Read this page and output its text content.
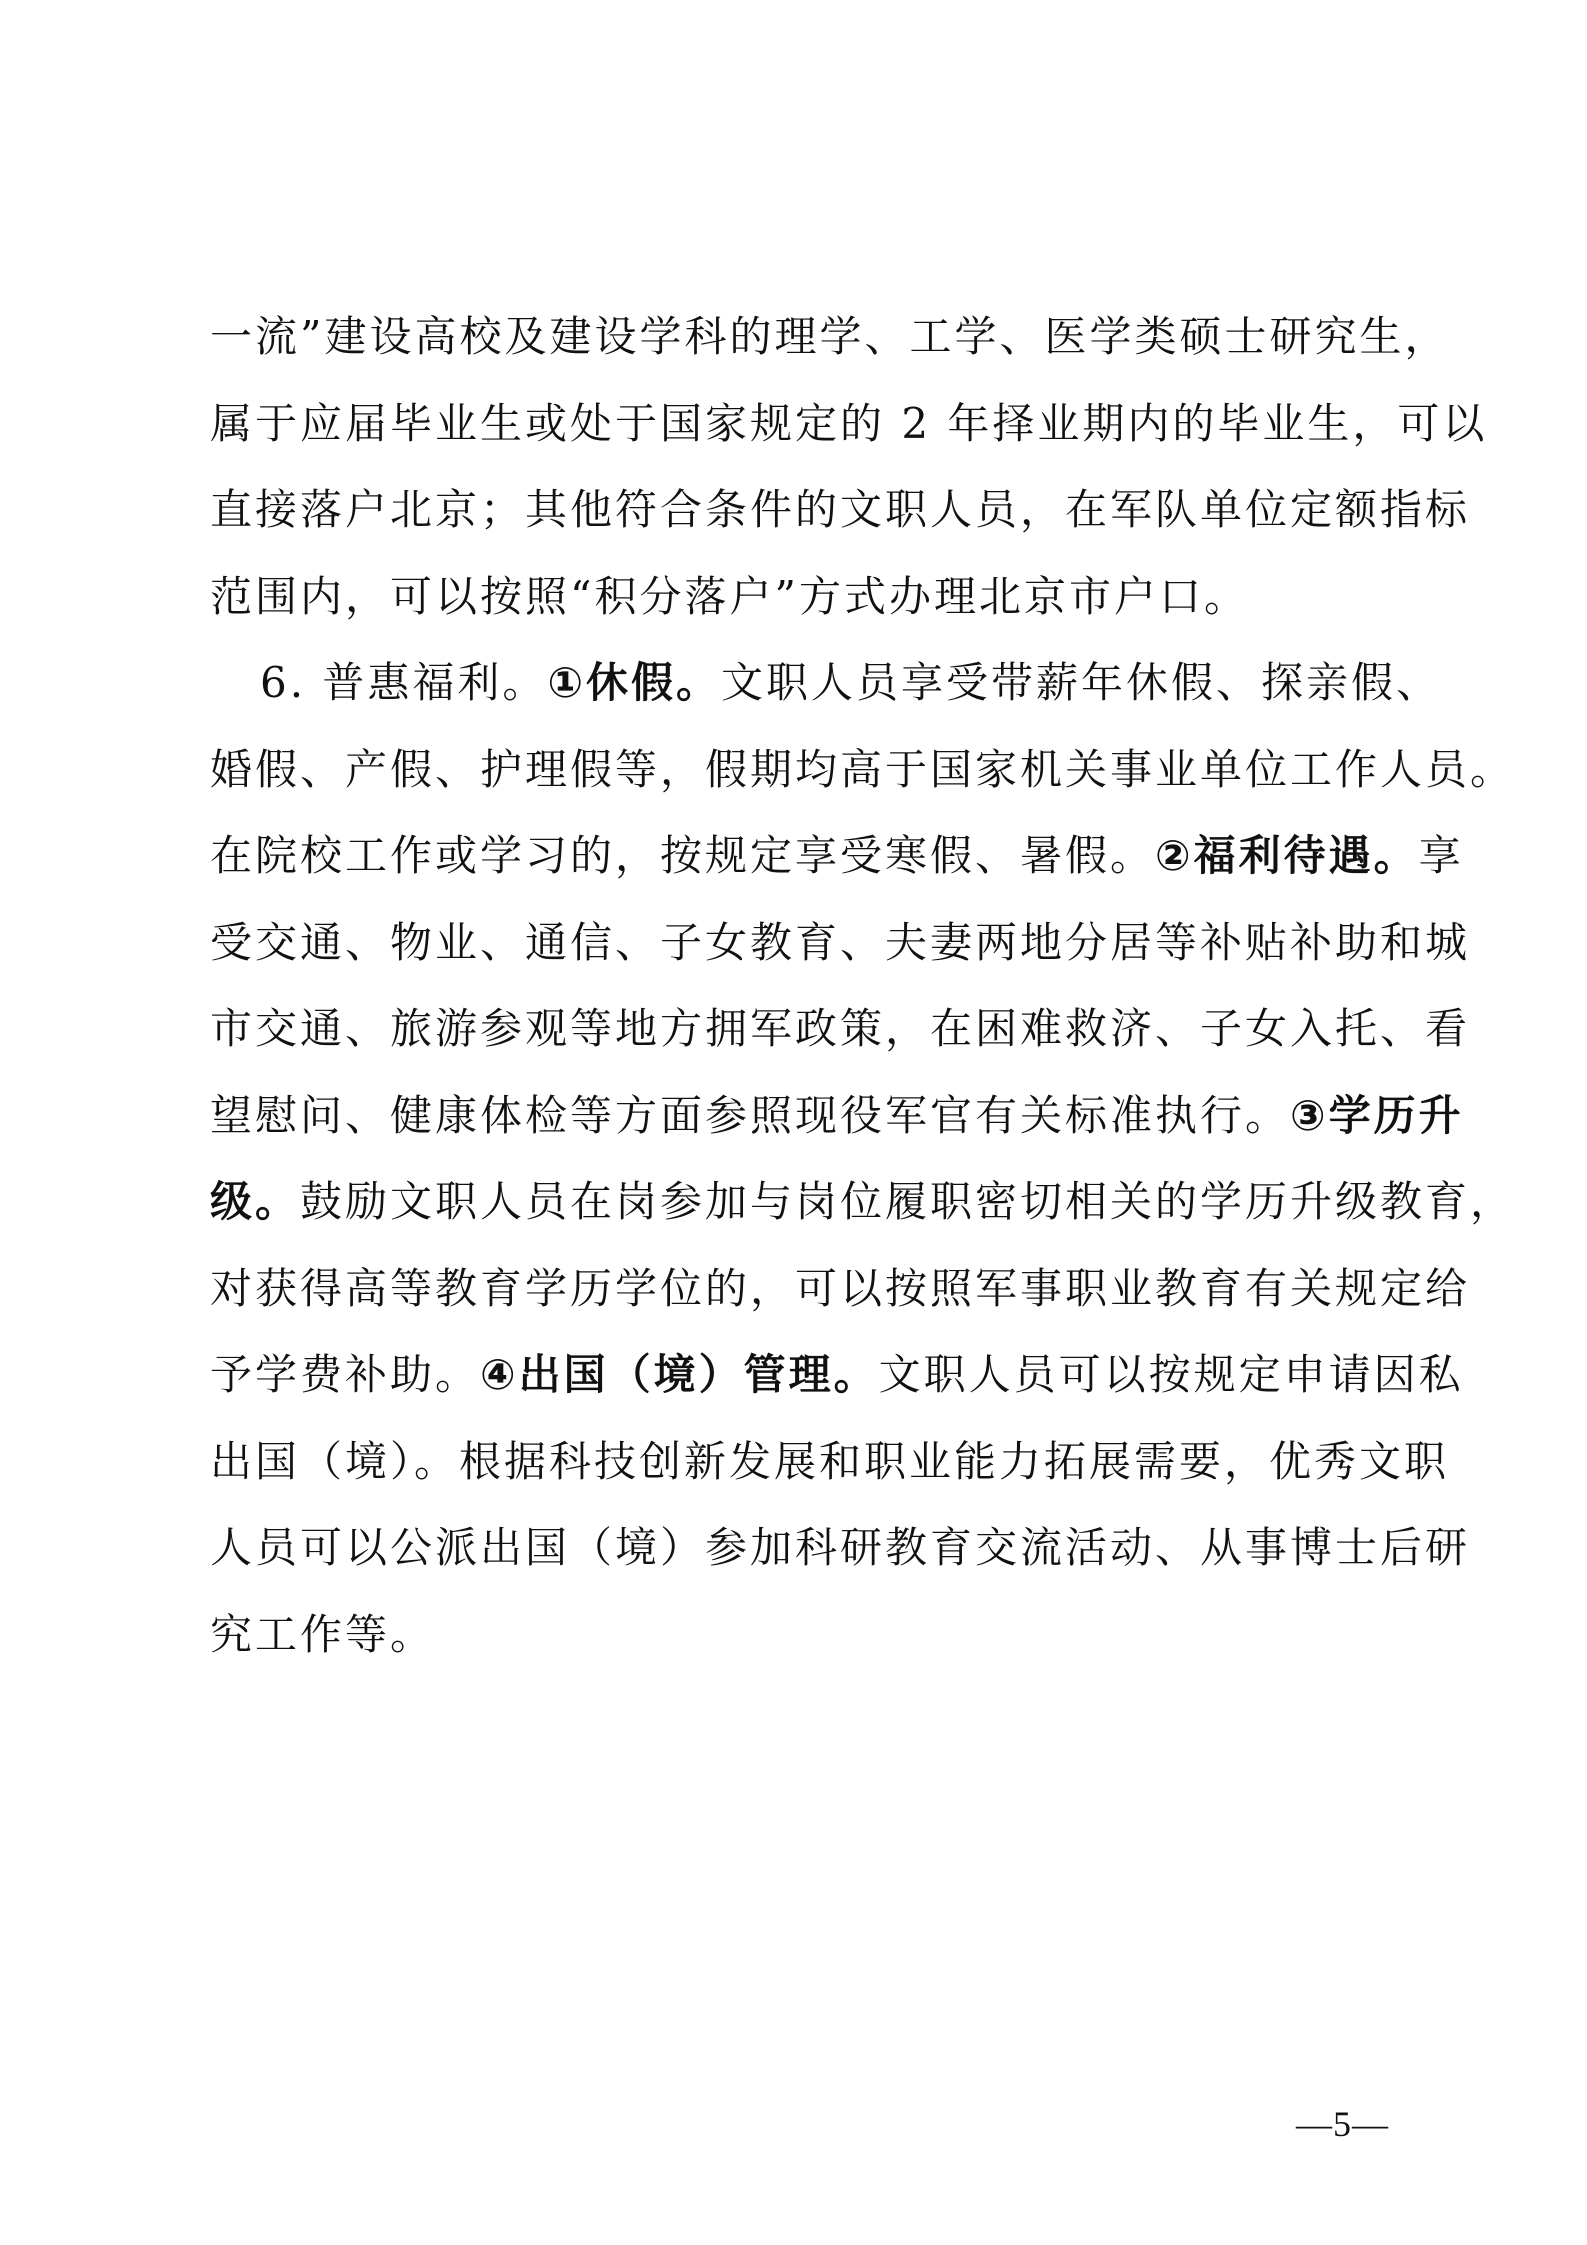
一流”建设高校及建设学科的理学、工学、医学类硕士研究生，
属于应届毕业生或处于国家规定的 2 年择业期内的毕业生，可以
直接落户北京；其他符合条件的文职人员，在军队单位定额指标
范围内，可以按照“积分落户”方式办理北京市户口。
6. 普惠福利。①休假。文职人员享受带薪年休假、探亲假、
婚假、产假、护理假等，假期均高于国家机关事业单位工作人员。
在院校工作或学习的，按规定享受寒假、暑假。②福利待遇。享
受交通、物业、通信、子女教育、夫妻两地分居等补贴补助和城
市交通、旅游参观等地方拥军政策，在困难救济、子女入托、看
望慰问、健康体检等方面参照现役军官有关标准执行。③学历升
级。鼓励文职人员在岗参加与岗位履职密切相关的学历升级教育，
对获得高等教育学历学位的，可以按照军事职业教育有关规定给
予学费补助。④出国（境）管理。文职人员可以按规定申请因私
出国（境）。根据科技创新发展和职业能力拓展需要，优秀文职
人员可以公派出国（境）参加科研教育交流活动、从事博士后研
究工作等。
—5—
